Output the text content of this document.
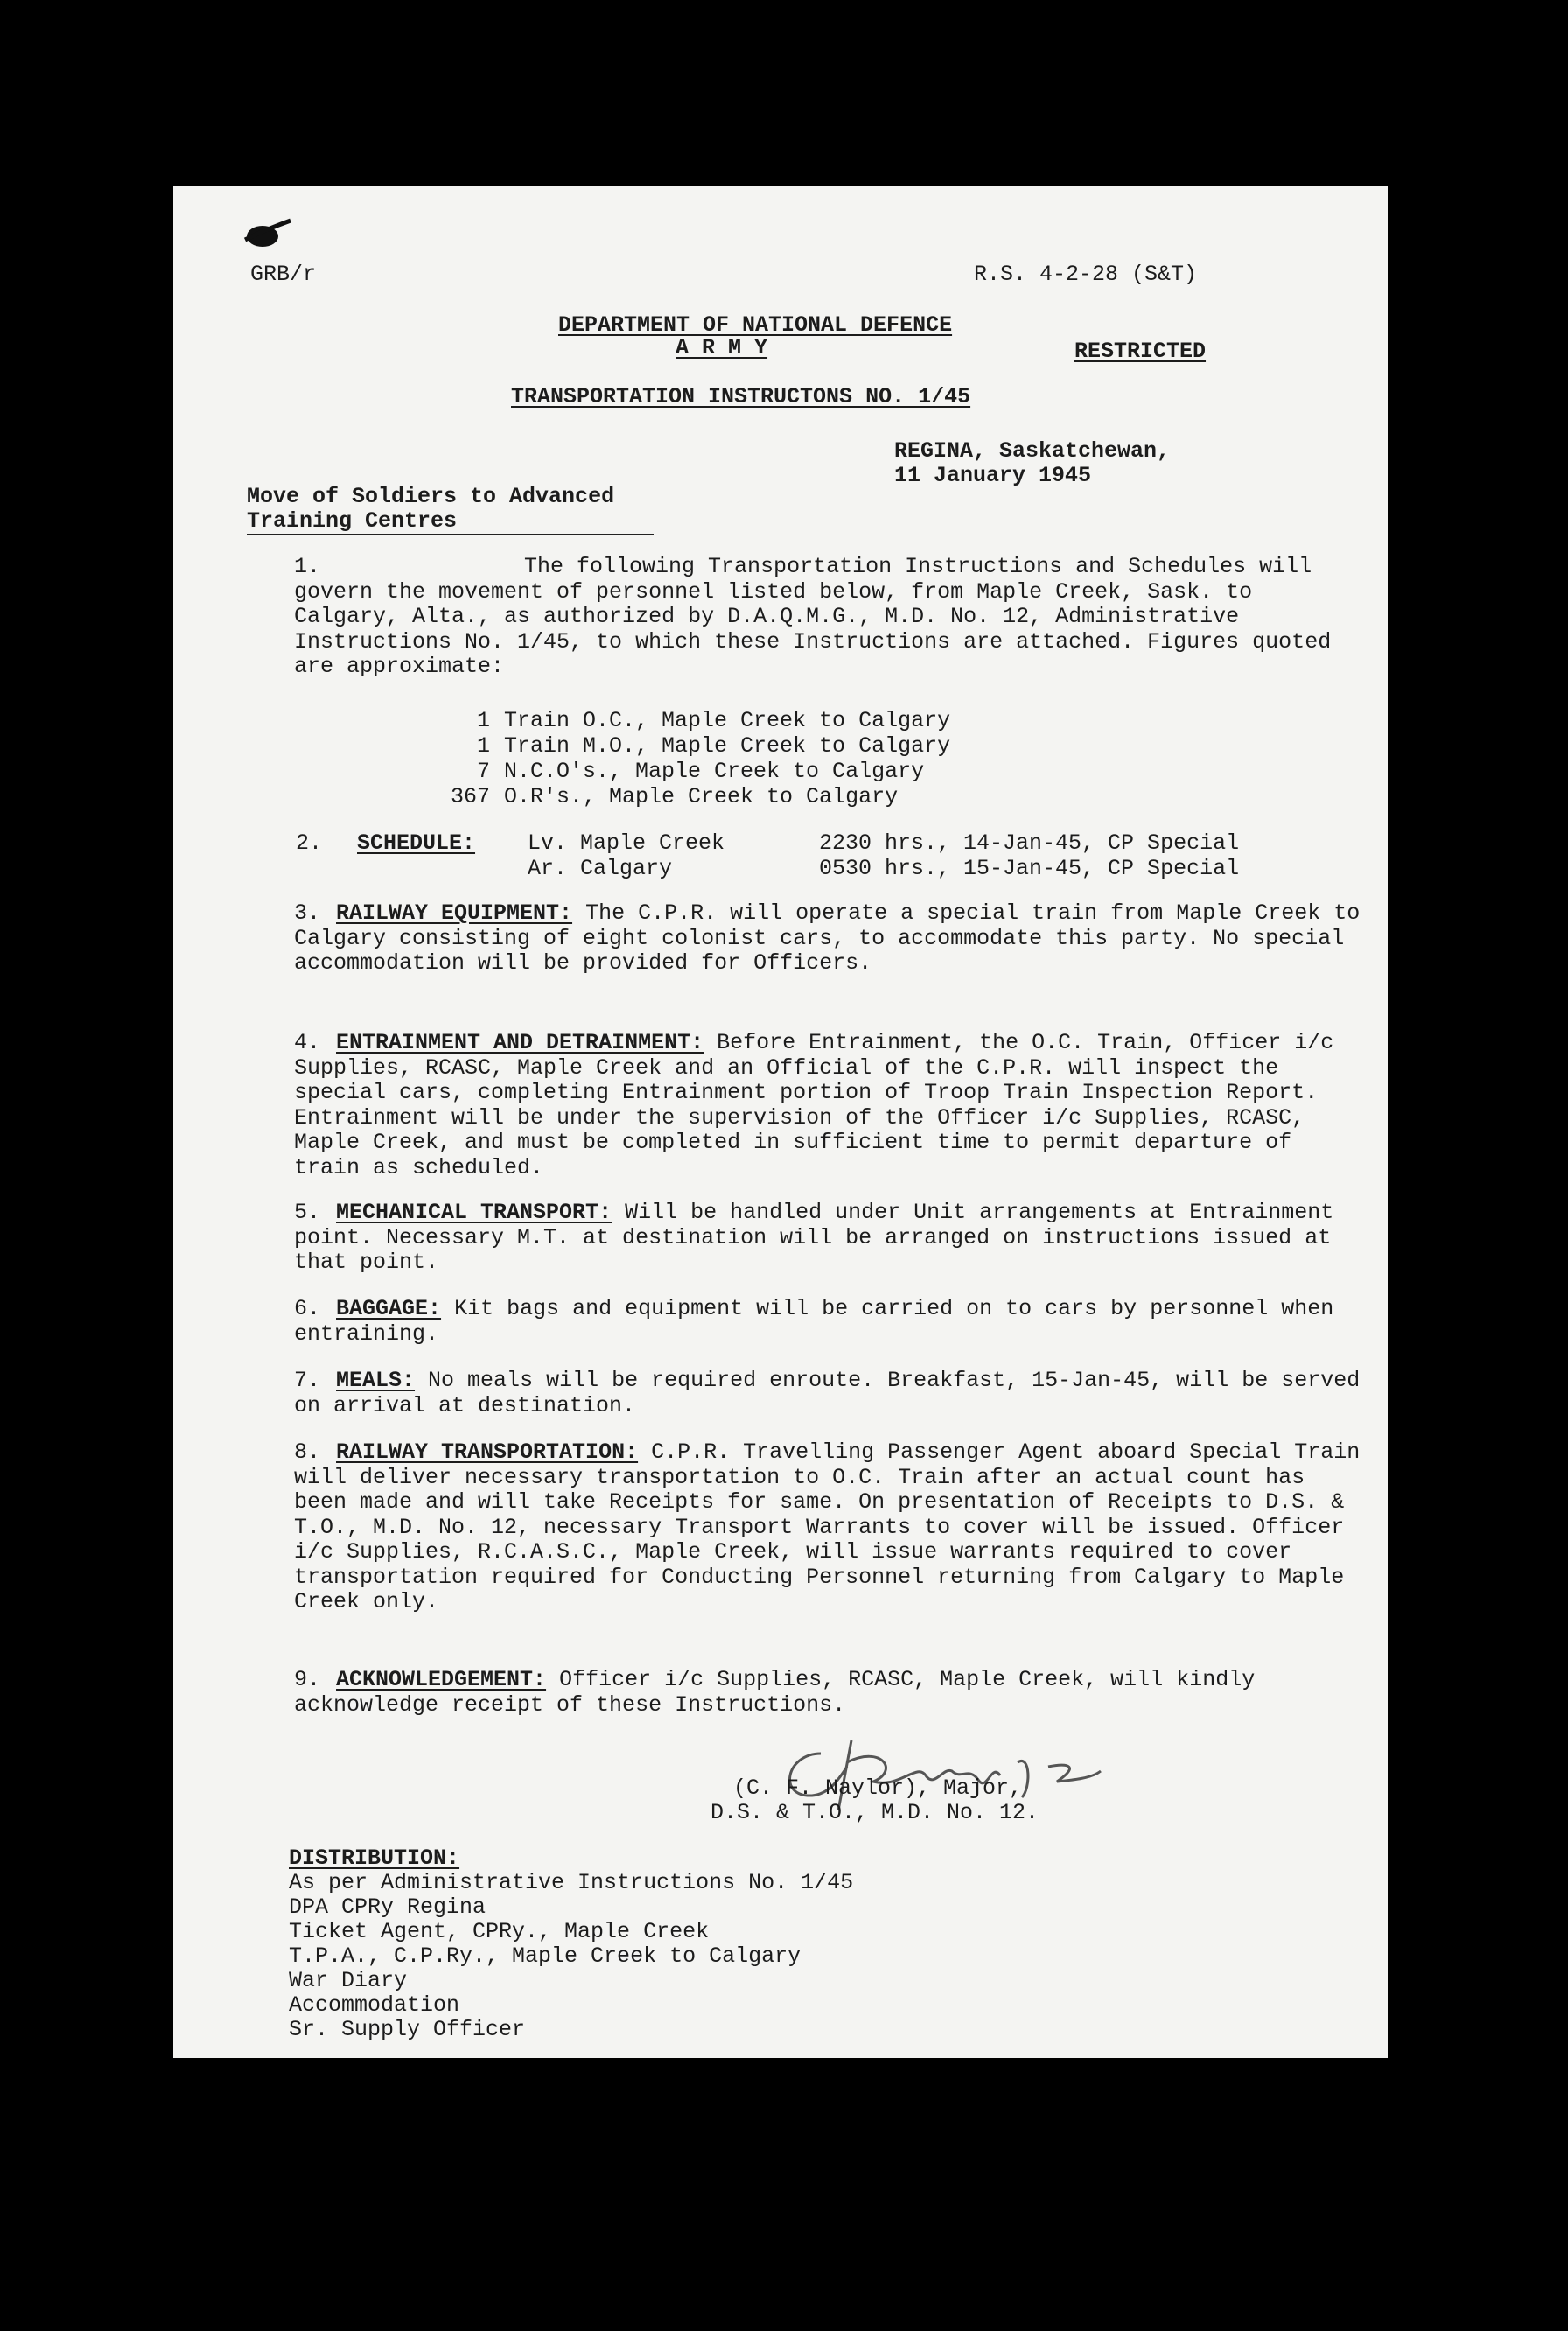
GRB/r	R.S. 4-2-28 (S&T)
DEPARTMENT OF NATIONAL DEFENCE
A R M Y	RESTRICTED
TRANSPORTATION INSTRUCTONS NO. 1/45
REGINA, Saskatchewan,
11 January 1945
Move of Soldiers to Advanced
Training Centres
1.	The following Transportation Instructions and Schedules will govern the movement of personnel listed below, from Maple Creek, Sask. to Calgary, Alta., as authorized by D.A.Q.M.G., M.D. No. 12, Administrative Instructions No. 1/45, to which these Instructions are attached. Figures quoted are approximate:
1 Train O.C., Maple Creek to Calgary
1 Train M.O., Maple Creek to Calgary
7 N.C.O's., Maple Creek to Calgary
367 O.R's., Maple Creek to Calgary
2. SCHEDULE: Lv. Maple Creek	2230 hrs., 14-Jan-45, CP Special
Ar. Calgary	0530 hrs., 15-Jan-45, CP Special
3. RAILWAY EQUIPMENT: The C.P.R. will operate a special train from Maple Creek to Calgary consisting of eight colonist cars, to accommodate this party. No special accommodation will be provided for Officers.
4. ENTRAINMENT AND DETRAINMENT: Before Entrainment, the O.C. Train, Officer i/c Supplies, RCASC, Maple Creek and an Official of the C.P.R. will inspect the special cars, completing Entrainment portion of Troop Train Inspection Report. Entrainment will be under the supervision of the Officer i/c Supplies, RCASC, Maple Creek, and must be completed in sufficient time to permit departure of train as scheduled.
5. MECHANICAL TRANSPORT: Will be handled under Unit arrangements at Entrainment point. Necessary M.T. at destination will be arranged on instructions issued at that point.
6. BAGGAGE: Kit bags and equipment will be carried on to cars by personnel when entraining.
7. MEALS: No meals will be required enroute. Breakfast, 15-Jan-45, will be served on arrival at destination.
8. RAILWAY TRANSPORTATION: C.P.R. Travelling Passenger Agent aboard Special Train will deliver necessary transportation to O.C. Train after an actual count has been made and will take Receipts for same. On presentation of Receipts to D.S. & T.O., M.D. No. 12, necessary Transport Warrants to cover will be issued. Officer i/c Supplies, R.C.A.S.C., Maple Creek, will issue warrants required to cover transportation required for Conducting Personnel returning from Calgary to Maple Creek only.
9. ACKNOWLEDGEMENT: Officer i/c Supplies, RCASC, Maple Creek, will kindly acknowledge receipt of these Instructions.
(C. F. Naylor), Major,
D.S. & T.O., M.D. No. 12.
DISTRIBUTION:
As per Administrative Instructions No. 1/45
DPA CPRy Regina
Ticket Agent, CPRy., Maple Creek
T.P.A., C.P.Ry., Maple Creek to Calgary
War Diary
Accommodation
Sr. Supply Officer
